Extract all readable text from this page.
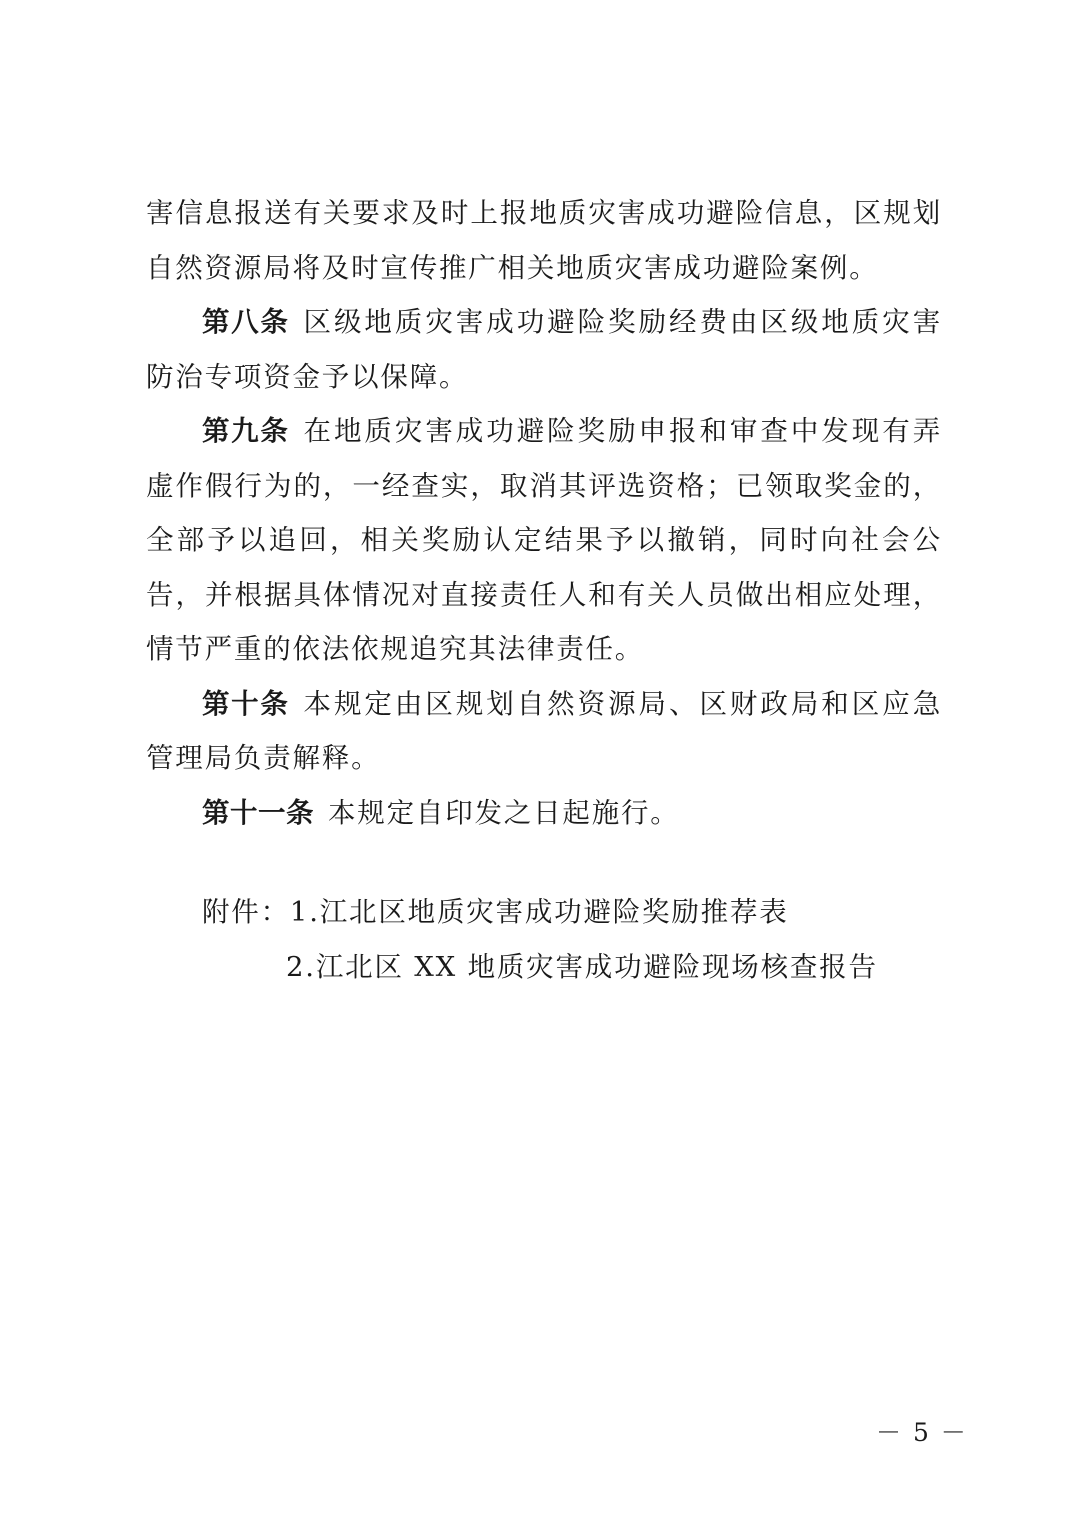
害信息报送有关要求及时上报地质灾害成功避险信息，区规划自然资源局将及时宣传推广相关地质灾害成功避险案例。

第八条 区级地质灾害成功避险奖励经费由区级地质灾害防治专项资金予以保障。

第九条 在地质灾害成功避险奖励申报和审查中发现有弄虚作假行为的，一经查实，取消其评选资格；已领取奖金的，全部予以追回，相关奖励认定结果予以撤销，同时向社会公告，并根据具体情况对直接责任人和有关人员做出相应处理，情节严重的依法依规追究其法律责任。

第十条 本规定由区规划自然资源局、区财政局和区应急管理局负责解释。

第十一条 本规定自印发之日起施行。

附件：1.江北区地质灾害成功避险奖励推荐表
2.江北区 XX 地质灾害成功避险现场核查报告
－ 5 －
